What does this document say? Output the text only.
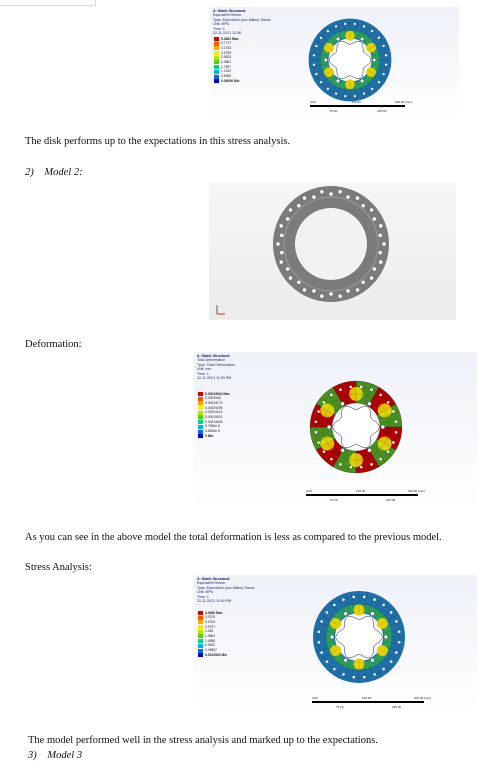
A: Static Structural
Equivalent Stress
Type: Equivalent (von-Mises) Stress
Unit: MPa
Time: 1
22-11-2021 11:58
5.3681 Max
4.7717
4.1753
3.5789
2.9825
2.3861
1.7897
1.1933
0.5969
0.00056 Min
0.00	150.00	300.00 (mm)
75.00	225.00
The disk performs up to the expectations in this stress analysis.
2) Model 2:
Deformation:
A: Static Structural
Total Deformation
Type: Total Deformation
Unit: mm
Time: 1
22-11-2021 11:59 PM
0.00043944 Max
0.0003906
0.00034179
0.00029296
0.00024414
0.00019531
0.00014648
9.7656e-5
4.8828e-5
0 Min
0.00	150.00	300.00 (mm)
75.00	225.00
As you can see in the above model the total deformation is less as compared to the previous model.
Stress Analysis:
A: Static Structural
Equivalent Stress
Type: Equivalent (von-Mises) Stress
Unit: MPa
Time: 1
22-11-2021 11:59 PM
4.4696 Max
3.9729
3.4763
2.9797
2.483
1.9864
1.4898
0.9932
0.49657
0.0022803 Min
0.00	150.00	300.00 (mm)
75.00	225.00
The model performed well in the stress analysis and marked up to the expectations.
3) Model 3
